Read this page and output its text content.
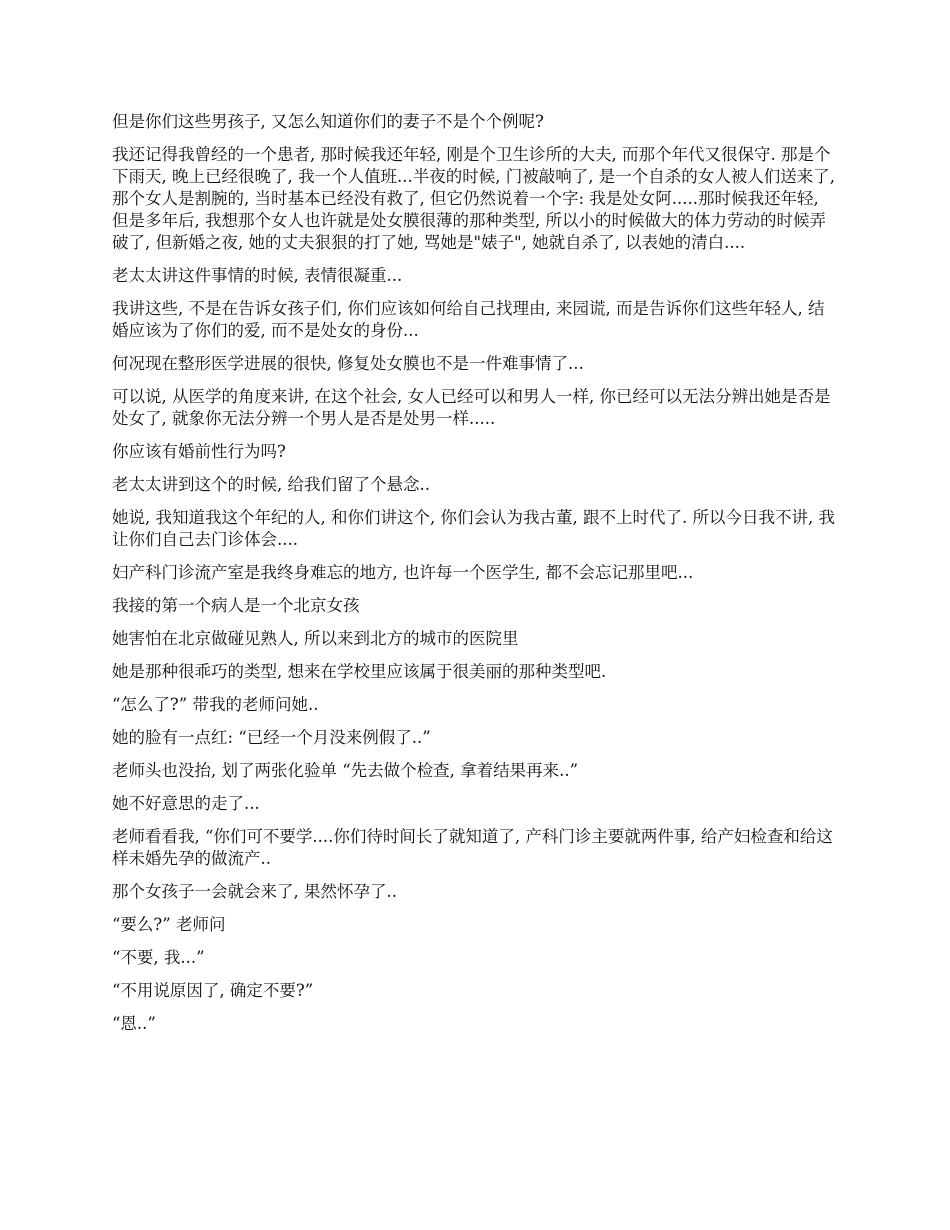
但是你们这些男孩子, 又怎么知道你们的妻子不是个个例呢?

我还记得我曾经的一个患者, 那时候我还年轻, 刚是个卫生诊所的大夫, 而那个年代又很保守. 那是个下雨天, 晚上已经很晚了, 我一个人值班...半夜的时候, 门被敲响了, 是一个自杀的女人被人们送来了, 那个女人是割腕的, 当时基本已经没有救了, 但它仍然说着一个字: 我是处女阿.....那时候我还年轻, 但是多年后, 我想那个女人也许就是处女膜很薄的那种类型, 所以小的时候做大的体力劳动的时候弄破了, 但新婚之夜, 她的丈夫狠狠的打了她, 骂她是"婊子", 她就自杀了, 以表她的清白....

老太太讲这件事情的时候, 表情很凝重...

我讲这些, 不是在告诉女孩子们, 你们应该如何给自己找理由, 来园谎, 而是告诉你们这些年轻人, 结婚应该为了你们的爱, 而不是处女的身份...

何况现在整形医学进展的很快, 修复处女膜也不是一件难事情了...

可以说, 从医学的角度来讲, 在这个社会, 女人已经可以和男人一样, 你已经可以无法分辨出她是否是处女了, 就象你无法分辨一个男人是否是处男一样.....

你应该有婚前性行为吗?

老太太讲到这个的时候, 给我们留了个悬念..

她说, 我知道我这个年纪的人, 和你们讲这个, 你们会认为我古董, 跟不上时代了. 所以今日我不讲, 我让你们自己去门诊体会....

妇产科门诊流产室是我终身难忘的地方, 也许每一个医学生, 都不会忘记那里吧...

我接的第一个病人是一个北京女孩

她害怕在北京做碰见熟人, 所以来到北方的城市的医院里

她是那种很乖巧的类型, 想来在学校里应该属于很美丽的那种类型吧.

“怎么了?” 带我的老师问她..

她的脸有一点红: “已经一个月没来例假了..”

老师头也没抬, 划了两张化验单 “先去做个检查, 拿着结果再来..”

她不好意思的走了...

老师看看我, “你们可不要学....你们待时间长了就知道了, 产科门诊主要就两件事, 给产妇检查和给这样未婚先孕的做流产..

那个女孩子一会就会来了, 果然怀孕了..

“要么?” 老师问

“不要, 我...”

“不用说原因了, 确定不要?”

“恩..”
